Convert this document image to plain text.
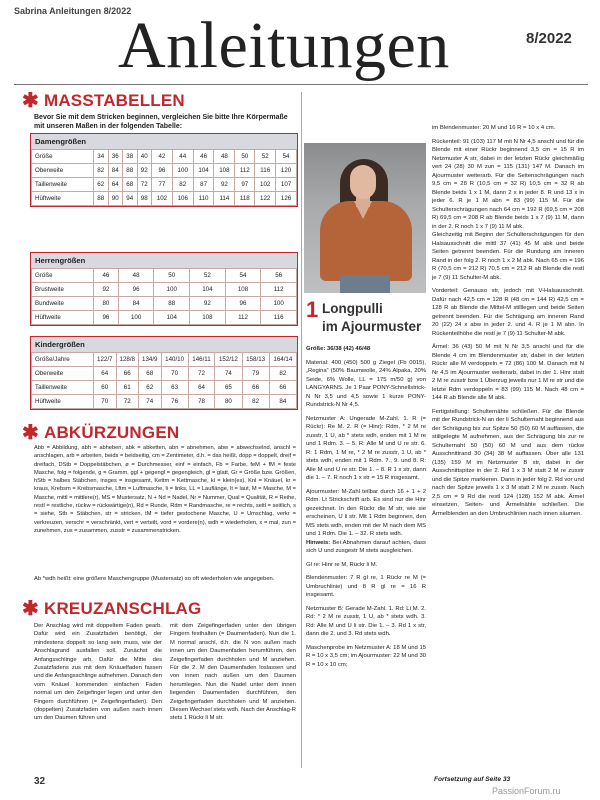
Sabrina Anleitungen 8/2022
Anleitungen	8/2022
✱ MASSTABELLEN
Bevor Sie mit dem Stricken beginnen, vergleichen Sie bitte Ihre Körpermaße mit unseren Maßen in der folgenden Tabelle:
Damengrößen
Größe	34	36	38	40	42	44	46	48	50	52	54
Oberweite	82	84	88	92	96	100	104	108	112	116	120
Taillenweite	62	64	68	72	77	82	87	92	97	102	107
Hüftweite	88	90	94	98	102	106	110	114	118	122	126
Herrengrößen
Größe	46	48	50	52	54	56
Brustweite	92	96	100	104	108	112
Bundweite	80	84	88	92	96	100
Hüftweite	96	100	104	108	112	116
Kindergrößen
Größe/Jahre	122/7	128/8	134/9	140/10	146/11	152/12	158/13	164/14
Oberweite	64	66	68	70	72	74	79	82
Taillenweite	60	61	62	63	64	65	66	66
Hüftweite	70	72	74	76	78	80	82	84
✱ ABKÜRZUNGEN
Abb = Abbildung, abh = abheben, abk = abketten, abn = abnehmen, abw = abwechselnd, anschl = anschlagen, arb = arbeiten, beids = beidseitig, cm = Zentimeter, d.h. = das heißt, dopp = doppelt, dreif = dreifach, DStb = Doppelstäbchen, ø = Durchmesser, einf = einfach, Fb = Farbe, feM + fM = feste Masche, folg = folgende, g = Gramm, ggl + gegengl = gegengleich, gl = glatt, Gr = Größe bzw. Größen, hStb = halbes Stäbchen, insges = insgesamt, Kettm = Kettmasche, kl = klein(es), Knl = Knäuel, kr = kraus, Krebsm = Krebsmasche, Lftm = Luftmasche, li = links, LL = Lauflänge, lt = laut, M = Masche, M = Masche, mittl = mittlere(r), MS = Mustersatz, N + Nd = Nadel, Nr = Nummer, Qual = Qualität, R = Reihe, restl = restliche, rückw = rückwärtige(n), Rd = Runde, Rdm = Randmasche, re = rechts, seitl = seitlich, s = siehe, Stb = Stäbchen, str = stricken, tM = tiefer gestochene Masche, U = Umschlag, verkr = verkreuzen, verschr = verschränkt, vert = verteilt, vord = vordere(n), wdh = wiederholen, x = mal, zun = zunehmen, zus = zusammen, zusstr = zusammenstricken.
Ab *wdh heißt: eine größere Maschengruppe (Mustersatz) so oft wiederholen wie angegeben.
✱ KREUZANSCHLAG
Der Anschlag wird mit doppeltem Faden gearb. Dafür wird ein Zusatzfaden benötigt, der mindestens doppelt so lang sein muss, wie der Anschlagrand ausfallen soll. Zunächst die Anfangsschlinge arb. Dafür die Mitte des Zusatzfadens zus mit dem Knäuelfaden fassen und die Anfangsschlinge aufnehmen. Danach den vom Knäuel kommenden einfachen Faden normal um den Zeigefinger legen und unter den Fingern durchführen (= Zeigefingerfaden). Den (doppelten) Zusatzfaden von außen nach innen um den Daumen führen und
mit dem Zeigefingerfaden unter den übrigen Fingern festhalten (= Daumenfaden). Nun die 1. M normal anschl, d.h. die N von außen nach innen um den Daumenfaden herumführen, den Zeigefingerfaden durchholen und M anziehen. Für die 2. M den Daumenfaden loslassen und von innen nach außen um den Daumen herumlegen. Nun die Nadel unter dem innen liegenden Daumenfaden durchführen, den Zeigefingerfaden durchholen und M anziehen. Diesen Wechsel stets wdh. Nach der Anschlag-R stets 1 Rückr li M str.
1 Longpulli
im Ajourmuster
Größe: 36/38 (42) 46/48
Material: 400 (450) 500 g Ziegel (Fb 0015), „Regina“ (50% Baumwolle, 24% Alpaka, 20% Seide, 6% Wolle, LL = 175 m/50 g) von LANGYARNS. Je 1 Paar PONY-Schnellstrick-N Nr 3,5 und 4,5 sowie 1 kurze PONY-Rundstrick-N Nr 4,5.
Netzmuster A: Ungerade M-Zahl. 1. R (= Rückr): Re M. 2. R (= Hinr): Rdm, * 2 M re zusstr, 1 U, ab * stets wdh, enden mit 1 M re und 1 Rdm. 3. – 5. R: Alle M und U re str. 6. R: 1 Rdm, 1 M re, * 2 M re zusstr, 1 U, ab * stets wdh, enden mit 1 Rdm. 7., 9. und 8. R: Alle M und U re str. Die 1. – 8. R 1 x str, dann die 1. – 7. R noch 1 x str = 15 R insgesamt.
Ajourmuster: M-Zahl teilbar durch 16 + 1 + 2 Rdm. Lt Strickschrift arb. Es sind nur die Hinr gezeichnet. In den Rückr die M str, wie sie erscheinen, U li str. Mit 1 Rdm beginnen, den MS stets wdh, enden mit der M nach dem MS und 1 Rdm. Die 1. – 32. R stets wdh.
Hinweis: Bei Abnahmen darauf achten, dass sich U und zusgestr M stets ausgleichen.
Gl re: Hinr re M, Rückr li M.
Blendenmuster: 7 R gl re, 1 Rückr re M (= Umbruchlinie) und 8 R gl re = 16 R insgesamt.
Netzmuster B: Gerade M-Zahl. 1. Rd: Li M. 2. Rd: * 2 M re zusstr, 1 U, ab * stets wdh. 3. Rd: Alle M und U li str. Die 1. – 3. Rd 1 x str, dann die 2. und 3. Rd stets wdh.
Maschenprobe im Netzmuster A: 18 M und 15 R = 10 x 3,5 cm; im Ajourmuster: 22 M und 30 R = 10 x 10 cm;
im Blendenmuster: 20 M und 16 R = 10 x 4 cm.
Rückenteil: 91 (103) 117 M mit N Nr 4,5 anschl und für die Blende mit einer Rückr beginnend 3,5 cm = 15 R im Netzmuster A str, dabei in der letzten Rückr gleichmäßig vert 24 (28) 30 M zun = 115 (131) 147 M. Danach im Ajourmuster weiterarb. Für die Seitenschrägungen nach 9,5 cm = 28 R (10,5 cm = 32 R) 10,5 cm = 32 R ab Blende beids 1 x 1 M, dann 2 x in jeder 8. R und 13 x in jeder 6. R je 1 M abn = 83 (99) 115 M. Für die Schulterschrägungen nach 64 cm = 192 R (69,5 cm = 208 R) 69,5 cm = 208 R ab Blende beids 1 x 7 (9) 11 M, dann in der 2. R noch 1 x 7 (9) 11 M abk.
Gleichzeitig mit Beginn der Schulterschrägungen für den Halsausschnitt die mittl 37 (41) 45 M abk und beide Seiten getrennt beenden. Für die Rundung am inneren Rand in der folg 2. R noch 1 x 2 M abk. Nach 65 cm = 196 R (70,5 cm = 212 R) 70,5 cm = 212 R ab Blende die restl je 7 (9) 11 Schulter-M abk.
Vorderteil: Genauso str, jedoch mit V-Halsausschnitt. Dafür nach 42,5 cm = 128 R (48 cm = 144 R) 42,5 cm = 128 R ab Blende die Mittel-M stilllegen und beide Seiten getrennt beenden. Für die Schrägung am inneren Rand 20 (22) 24 x abw in jeder 2. und 4. R je 1 M abn. In Rückenteilhöhe die restl je 7 (9) 11 Schulter-M abk.
Ärmel: 36 (43) 50 M mit N Nr 3,5 anschl und für die Blende 4 cm im Blendenmuster str, dabei in der letzten Rückr alle M verdoppeln = 72 (86) 100 M. Danach mit N Nr 4,5 im Ajourmuster weiterarb, dabei in der 1. Hinr statt 2 M re zusstr bzw 1 Überzug jeweils nur 1 M re str und die letzte Rdm verdoppeln = 83 (99) 115 M. Nach 48 cm = 144 R ab Blende alle M abk.
Fertigstellung: Schulternähte schließen. Für die Blende mit der Rundstrick-N an der li Schulternaht beginnend aus der Schrägung bis zur Spitze 50 (50) 60 M auffassen, die stillgelegte M aufnehmen, aus der Schrägung bis zur re Schulternaht 50 (50) 60 M und aus dem rückw Ausschnittrand 30 (34) 38 M auffassen. Über alle 131 (135) 159 M im Netzmuster B str, dabei in der Ausschnittspitze in der 2. Rd 1 x 3 M statt 2 M re zusstr und die Spitze markieren. Dann in jeder folg 2. Rd vor und nach der Spitze jeweils 1 x 3 M statt 2 M re zusstr. Nach 2,5 cm = 9 Rd die restl 124 (128) 152 M abk. Ärmel einsetzen, Seiten- und Ärmelnähte schließen. Die Ärmelblenden an den Umbruchlinien nach innen säumen.
32	Fortsetzung auf Seite 33
PassionForum.ru
